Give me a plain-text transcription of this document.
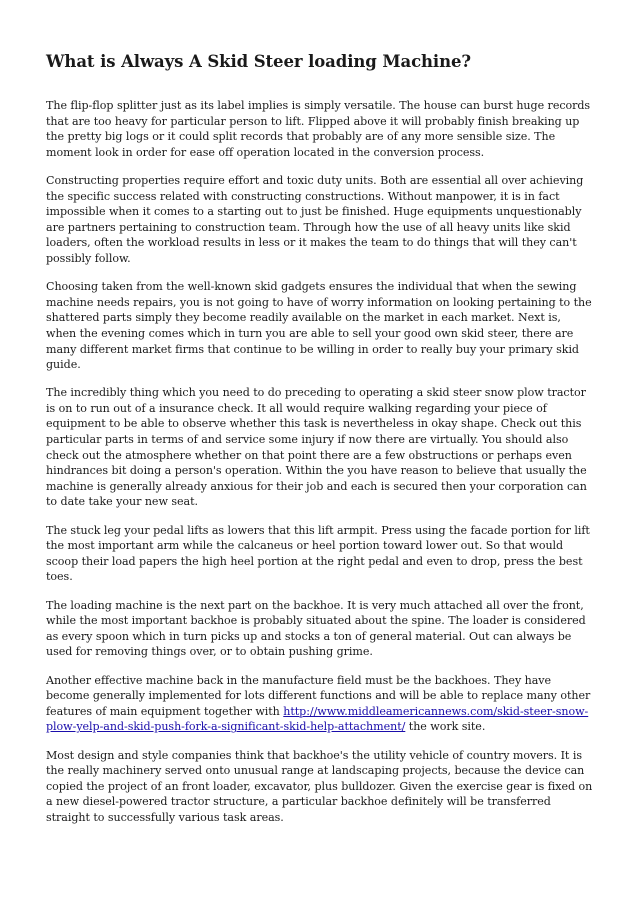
What is Always A Skid Steer loading Machine?

The flip-flop splitter just as its label implies is simply versatile. The house can burst huge records that are too heavy for particular person to lift. Flipped above it will probably finish breaking up the pretty big logs or it could split records that probably are of any more sensible size. The moment look in order for ease off operation located in the conversion process.

Constructing properties require effort and toxic duty units. Both are essential all over achieving the specific success related with constructing constructions. Without manpower, it is in fact impossible when it comes to a starting out to just be finished. Huge equipments unquestionably are partners pertaining to construction team. Through how the use of all heavy units like skid loaders, often the workload results in less or it makes the team to do things that will they can't possibly follow.

Choosing taken from the well-known skid gadgets ensures the individual that when the sewing machine needs repairs, you is not going to have of worry information on looking pertaining to the shattered parts simply they become readily available on the market in each market. Next is, when the evening comes which in turn you are able to sell your good own skid steer, there are many different market firms that continue to be willing in order to really buy your primary skid guide.

The incredibly thing which you need to do preceding to operating a skid steer snow plow tractor is on to run out of a insurance check. It all would require walking regarding your piece of equipment to be able to observe whether this task is nevertheless in okay shape. Check out this particular parts in terms of and service some injury if now there are virtually. You should also check out the atmosphere whether on that point there are a few obstructions or perhaps even hindrances bit doing a person's operation. Within the you have reason to believe that usually the machine is generally already anxious for their job and each is secured then your corporation can to date take your new seat.

The stuck leg your pedal lifts as lowers that this lift armpit. Press using the facade portion for lift the most important arm while the calcaneus or heel portion toward lower out. So that would scoop their load papers the high heel portion at the right pedal and even to drop, press the best toes.

The loading machine is the next part on the backhoe. It is very much attached all over the front, while the most important backhoe is probably situated about the spine. The loader is considered as every spoon which in turn picks up and stocks a ton of general material. Out can always be used for removing things over, or to obtain pushing grime.

Another effective machine back in the manufacture field must be the backhoes. They have become generally implemented for lots different functions and will be able to replace many other features of main equipment together with http://www.middleamericannews.com/skid-steer-snow-plow-yelp-and-skid-push-fork-a-significant-skid-help-attachment/ the work site.

Most design and style companies think that backhoe's the utility vehicle of country movers. It is the really machinery served onto unusual range at landscaping projects, because the device can copied the project of an front loader, excavator, plus bulldozer. Given the exercise gear is fixed on a new diesel-powered tractor structure, a particular backhoe definitely will be transferred straight to successfully various task areas.
